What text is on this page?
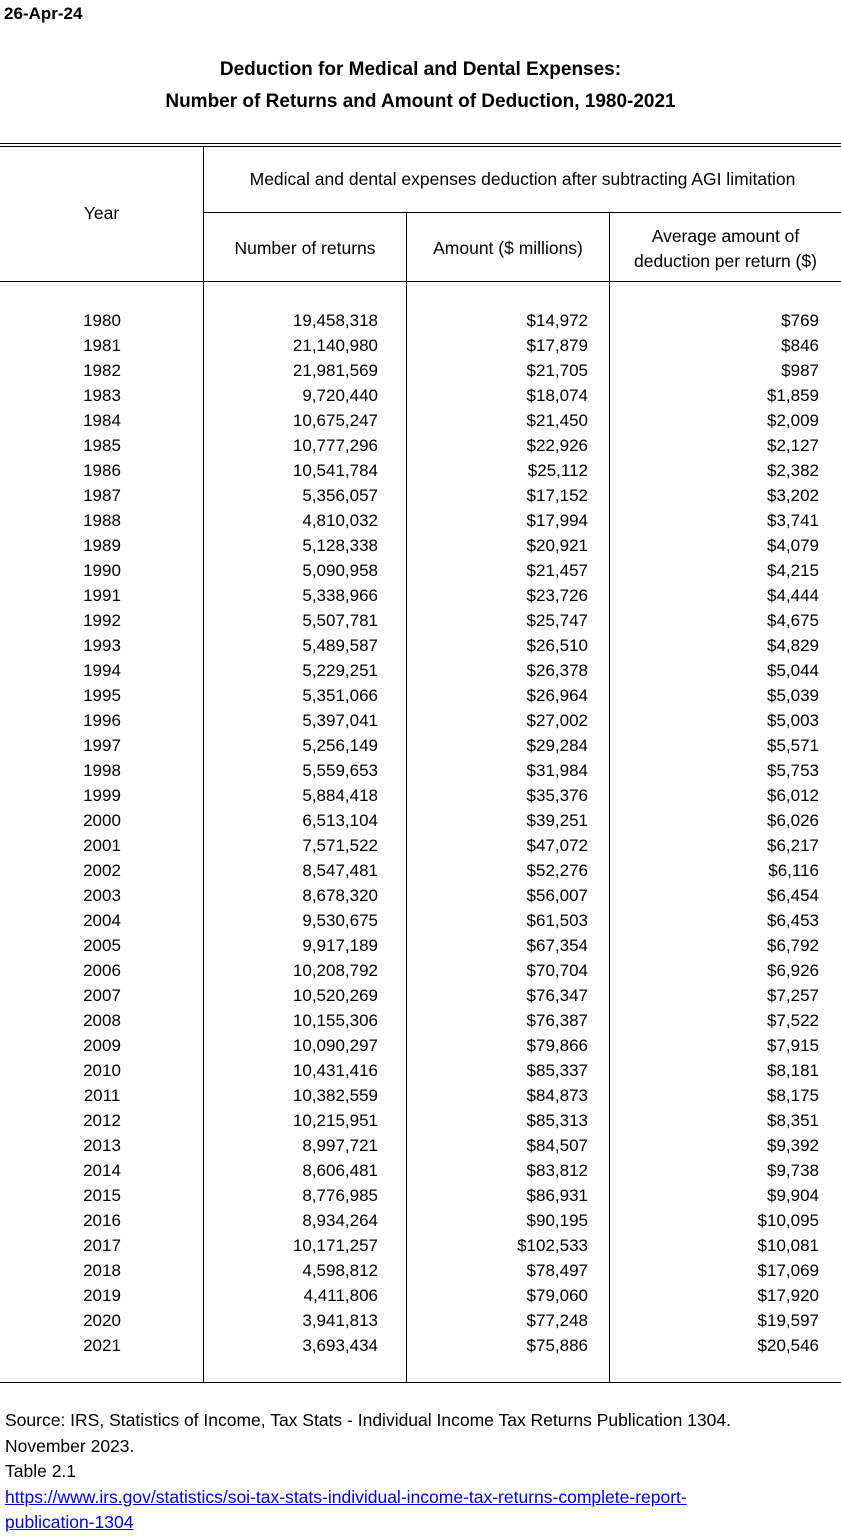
26-Apr-24
Deduction for Medical and Dental Expenses:
Number of Returns and Amount of Deduction, 1980-2021
Year
Medical and dental expenses deduction after subtracting AGI limitation
Number of returns	Amount ($ millions)
Average amount of
deduction per return ($)
1980	19,458,318	$14,972	$769
1981	21,140,980	$17,879	$846
1982	21,981,569	$21,705	$987
1983	9,720,440	$18,074	$1,859
1984	10,675,247	$21,450	$2,009
1985	10,777,296	$22,926	$2,127
1986	10,541,784	$25,112	$2,382
1987	5,356,057	$17,152	$3,202
1988	4,810,032	$17,994	$3,741
1989	5,128,338	$20,921	$4,079
1990	5,090,958	$21,457	$4,215
1991	5,338,966	$23,726	$4,444
1992	5,507,781	$25,747	$4,675
1993	5,489,587	$26,510	$4,829
1994	5,229,251	$26,378	$5,044
1995	5,351,066	$26,964	$5,039
1996	5,397,041	$27,002	$5,003
1997	5,256,149	$29,284	$5,571
1998	5,559,653	$31,984	$5,753
1999	5,884,418	$35,376	$6,012
2000	6,513,104	$39,251	$6,026
2001	7,571,522	$47,072	$6,217
2002	8,547,481	$52,276	$6,116
2003	8,678,320	$56,007	$6,454
2004	9,530,675	$61,503	$6,453
2005	9,917,189	$67,354	$6,792
2006	10,208,792	$70,704	$6,926
2007	10,520,269	$76,347	$7,257
2008	10,155,306	$76,387	$7,522
2009	10,090,297	$79,866	$7,915
2010	10,431,416	$85,337	$8,181
2011	10,382,559	$84,873	$8,175
2012	10,215,951	$85,313	$8,351
2013	8,997,721	$84,507	$9,392
2014	8,606,481	$83,812	$9,738
2015	8,776,985	$86,931	$9,904
2016	8,934,264	$90,195	$10,095
2017	10,171,257	$102,533	$10,081
2018	4,598,812	$78,497	$17,069
2019	4,411,806	$79,060	$17,920
2020	3,941,813	$77,248	$19,597
2021	3,693,434	$75,886	$20,546
Source: IRS, Statistics of Income, Tax Stats - Individual Income Tax Returns Publication 1304.
November 2023.
Table 2.1
https://www.irs.gov/statistics/soi-tax-stats-individual-income-tax-returns-complete-report-
publication-1304
